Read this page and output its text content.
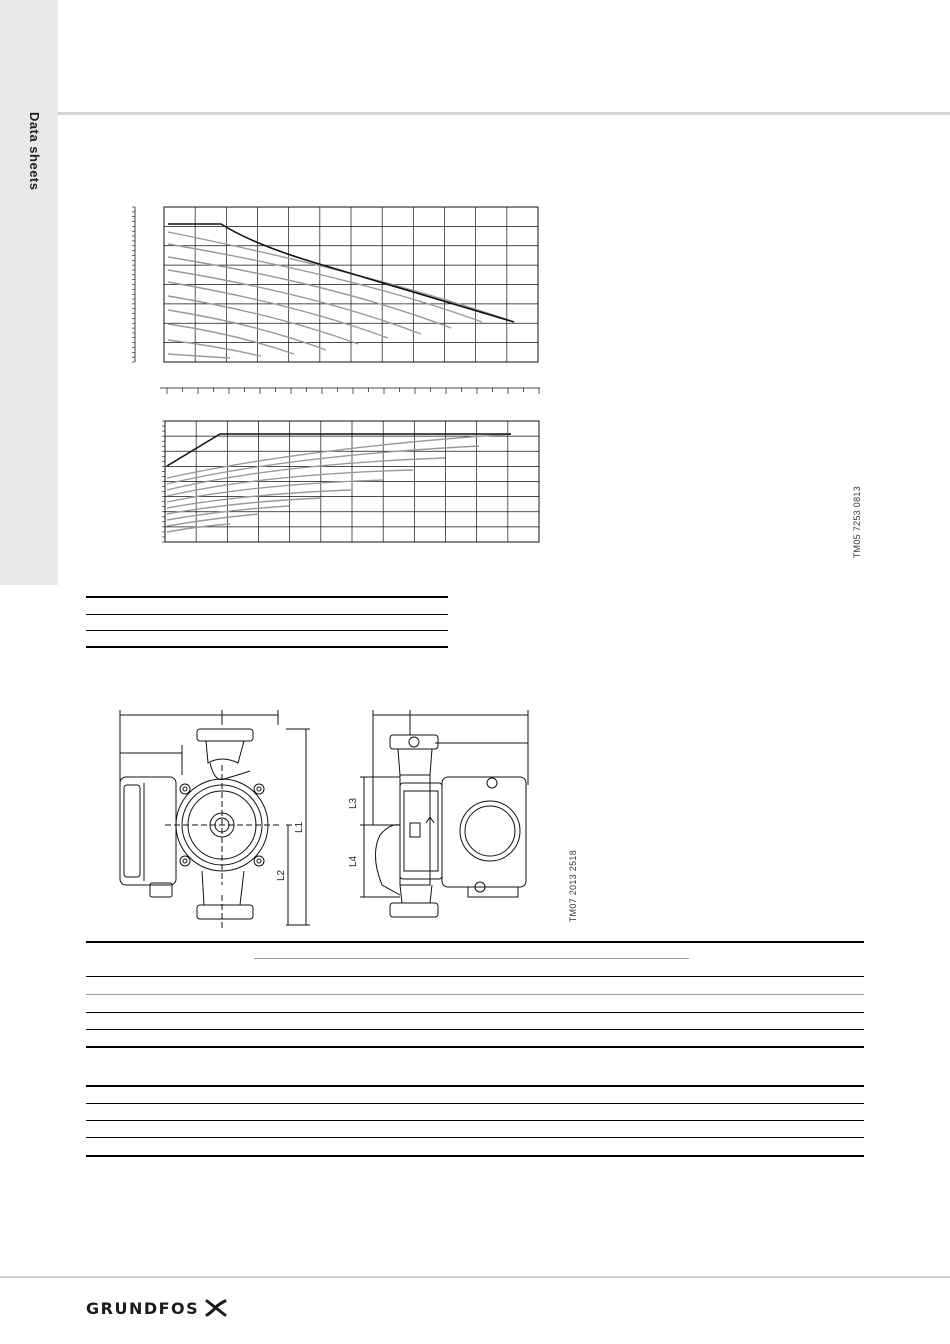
Data sheets
TM05 7253 0813
L1
L2
L3
L4	TM07 2013 2518
GRUNDFOS
